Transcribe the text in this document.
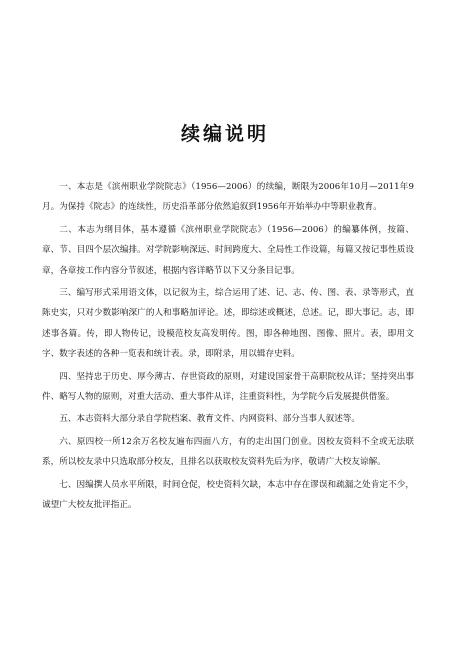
续编说明

一、本志是《滨州职业学院院志》（1956—2006）的续编，断限为2006年10月—2011年9月。为保持《院志》的连续性，历史沿革部分依然追叙到1956年开始举办中等职业教育。

二、本志为纲目体，基本遵循《滨州职业学院院志》（1956—2006）的编纂体例，按篇、章、节、目四个层次编排。对学院影响深远、时间跨度大、全局性工作设篇，每篇又按记事性质设章，各章按工作内容分节叙述，根据内容详略节以下又分条目记事。

三、编写形式采用语文体，以记叙为主，综合运用了述、记、志、传、图、表、录等形式，直陈史实，只对少数影响深广的人和事略加评论。述，即综述或概述，总述。记，即大事记。志，即述事各篇。传，即人物传记，设模范校友高发明传。图，即各种地图、图像、照片。表，即用文字、数字表述的各种一览表和统计表。录，即附录，用以辑存史料。

四、坚持忠于历史、厚今薄古、存世资政的原则，对建设国家骨干高职院校从详；坚持突出事件、略写人物的原则，对重大活动、重大事件从详，注重资料性，为学院今后发展提供借鉴。

五、本志资料大部分录自学院档案、教育文件、内网资料、部分当事人叙述等。

六、原四校一所12余万名校友遍布四面八方，有的走出国门创业。因校友资料不全或无法联系，所以校友录中只选取部分校友，且排名以获取校友资料先后为序，敬请广大校友谅解。

七、因编撰人员水平所限，时间仓促，校史资料欠缺，本志中存在谬误和疏漏之处肯定不少，诚望广大校友批评指正。
